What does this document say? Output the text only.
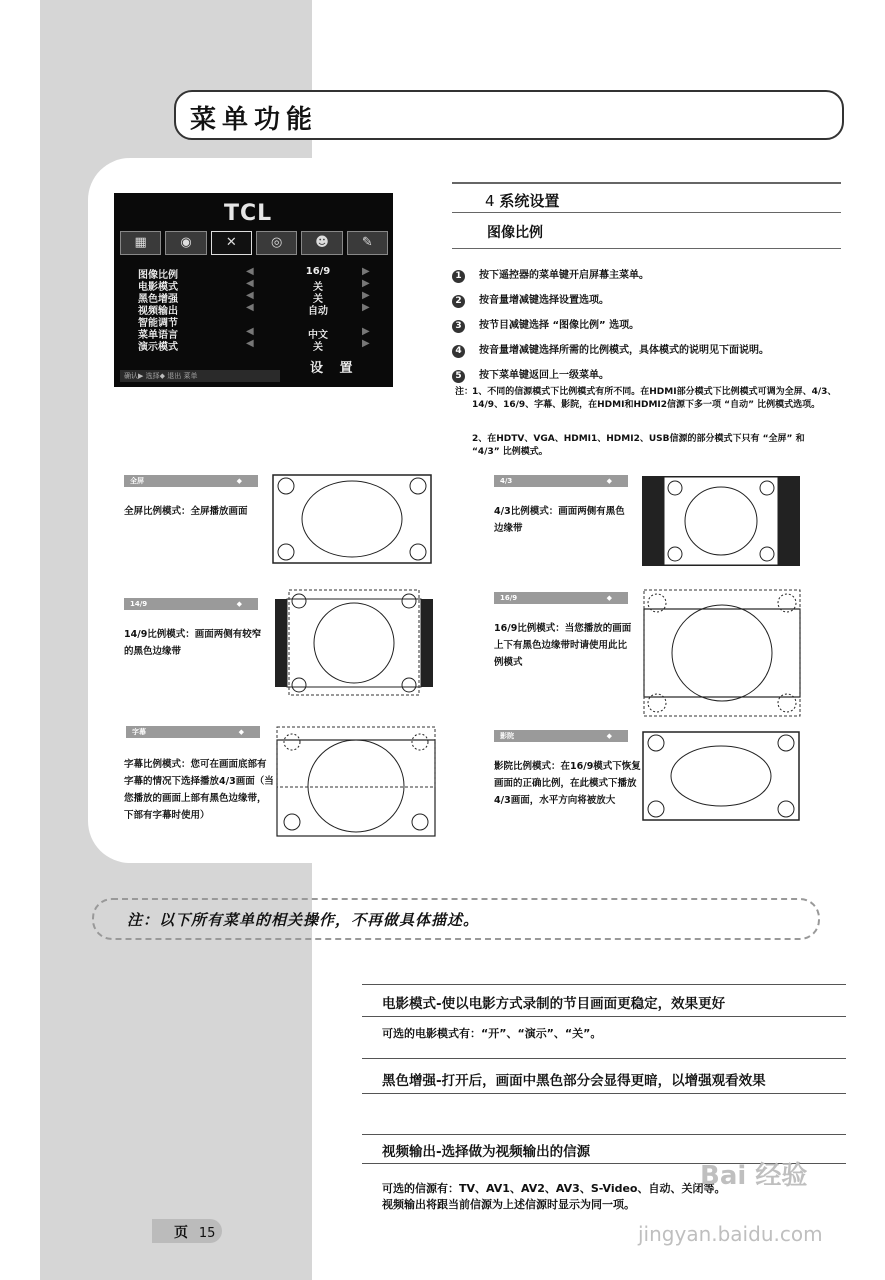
菜单功能
TCL
▦	◉	✕	◎	☻	✎
图像比例	◀	16/9	▶
电影模式	◀	关	▶
黑色增强	◀	关	▶
视频输出	◀	自动	▶
智能调节
菜单语言	◀	中文	▶
演示模式	◀	关	▶
设 置
确认▶ 选择◆ 退出 菜单
4 系统设置
图像比例
1 按下遥控器的菜单键开启屏幕主菜单。
2 按音量增减键选择设置选项。
3 按节目减键选择 “图像比例” 选项。
4 按音量增减键选择所需的比例模式，具体模式的说明见下面说明。
5 按下菜单键返回上一级菜单。
注：
1、不同的信源模式下比例模式有所不同。在HDMI部分模式下比例模式可调为全屏、4/3、14/9、16/9、字幕、影院，在HDMI和HDMI2信源下多一项 “自动” 比例模式选项。
2、在HDTV、VGA、HDMI1、HDMI2、USB信源的部分模式下只有 “全屏” 和 “4/3” 比例模式。
全屏	◆
全屏比例模式：全屏播放画面
4/3	◆
4/3比例模式：画面两侧有黑色边缘带
14/9	◆
14/9比例模式：画面两侧有较窄的黑色边缘带
16/9	◆
16/9比例模式：当您播放的画面上下有黑色边缘带时请使用此比例模式
字幕	◆
字幕比例模式：您可在画面底部有字幕的情况下选择播放4/3画面（当您播放的画面上部有黑色边缘带，下部有字幕时使用）
影院	◆
影院比例模式：在16/9模式下恢复画面的正确比例，在此模式下播放4/3画面，水平方向将被放大
注：以下所有菜单的相关操作，不再做具体描述。
电影模式-使以电影方式录制的节目画面更稳定，效果更好
可选的电影模式有：“开”、“演示”、“关”。
黑色增强-打开后，画面中黑色部分会显得更暗，以增强观看效果
视频输出-选择做为视频输出的信源
可选的信源有：TV、AV1、AV2、AV3、S-Video、自动、关闭等。
视频输出将跟当前信源为上述信源时显示为同一项。
页 15
Bai 经验
jingyan.baidu.com
